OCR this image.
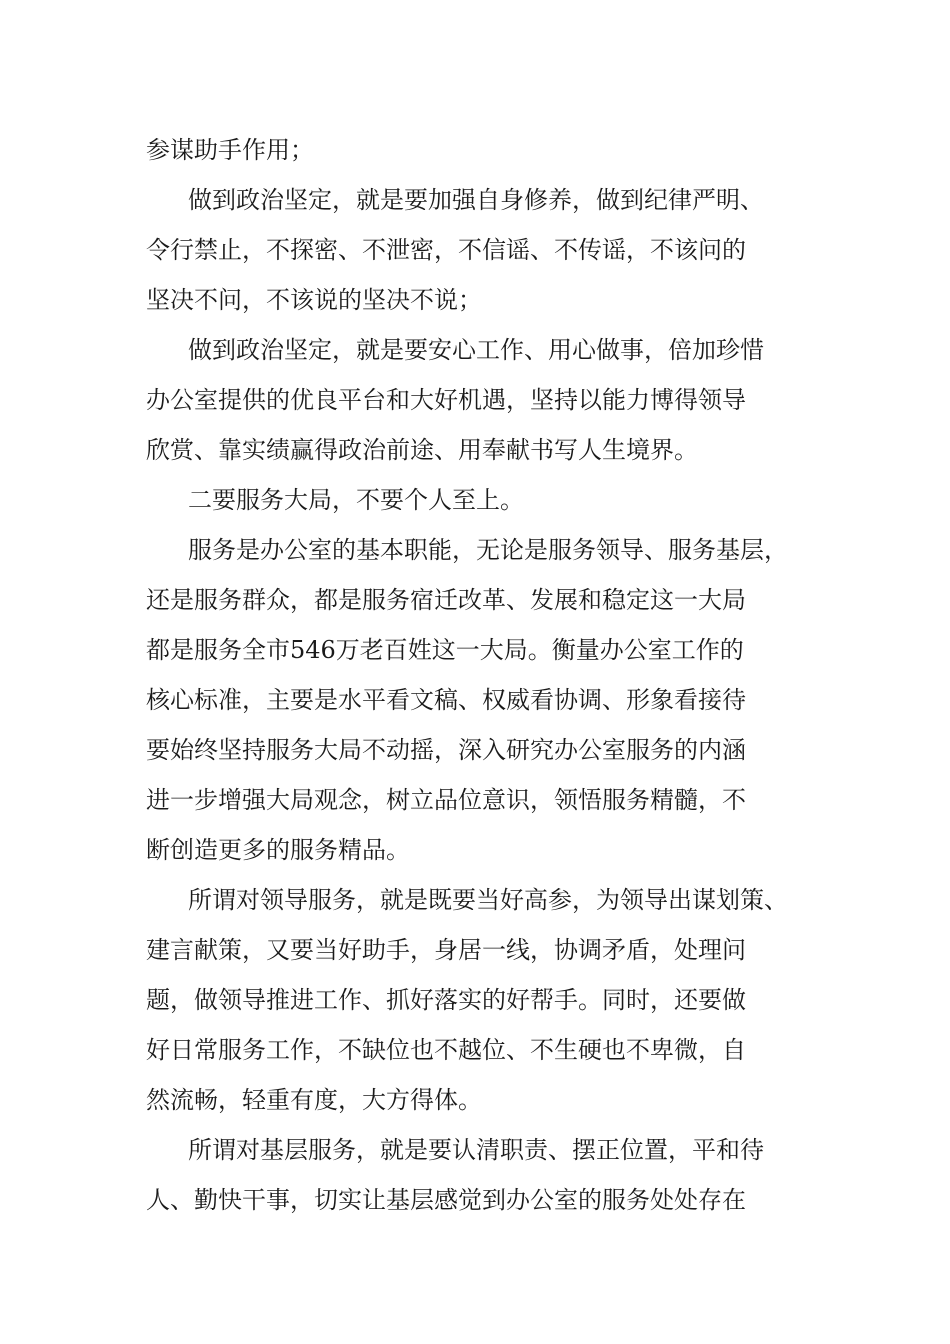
参谋助手作用；
做到政治坚定，就是要加强自身修养，做到纪律严明、
令行禁止，不探密、不泄密，不信谣、不传谣，不该问的
坚决不问，不该说的坚决不说；
做到政治坚定，就是要安心工作、用心做事，倍加珍惜
办公室提供的优良平台和大好机遇，坚持以能力博得领导
欣赏、靠实绩赢得政治前途、用奉献书写人生境界。
二要服务大局，不要个人至上。
服务是办公室的基本职能，无论是服务领导、服务基层，
还是服务群众，都是服务宿迁改革、发展和稳定这一大局
都是服务全市546万老百姓这一大局。衡量办公室工作的
核心标准，主要是水平看文稿、权威看协调、形象看接待
要始终坚持服务大局不动摇，深入研究办公室服务的内涵
进一步增强大局观念，树立品位意识，领悟服务精髓，不
断创造更多的服务精品。
所谓对领导服务，就是既要当好高参，为领导出谋划策、
建言献策，又要当好助手，身居一线，协调矛盾，处理问
题，做领导推进工作、抓好落实的好帮手。同时，还要做
好日常服务工作，不缺位也不越位、不生硬也不卑微，自
然流畅，轻重有度，大方得体。
所谓对基层服务，就是要认清职责、摆正位置，平和待
人、勤快干事，切实让基层感觉到办公室的服务处处存在
